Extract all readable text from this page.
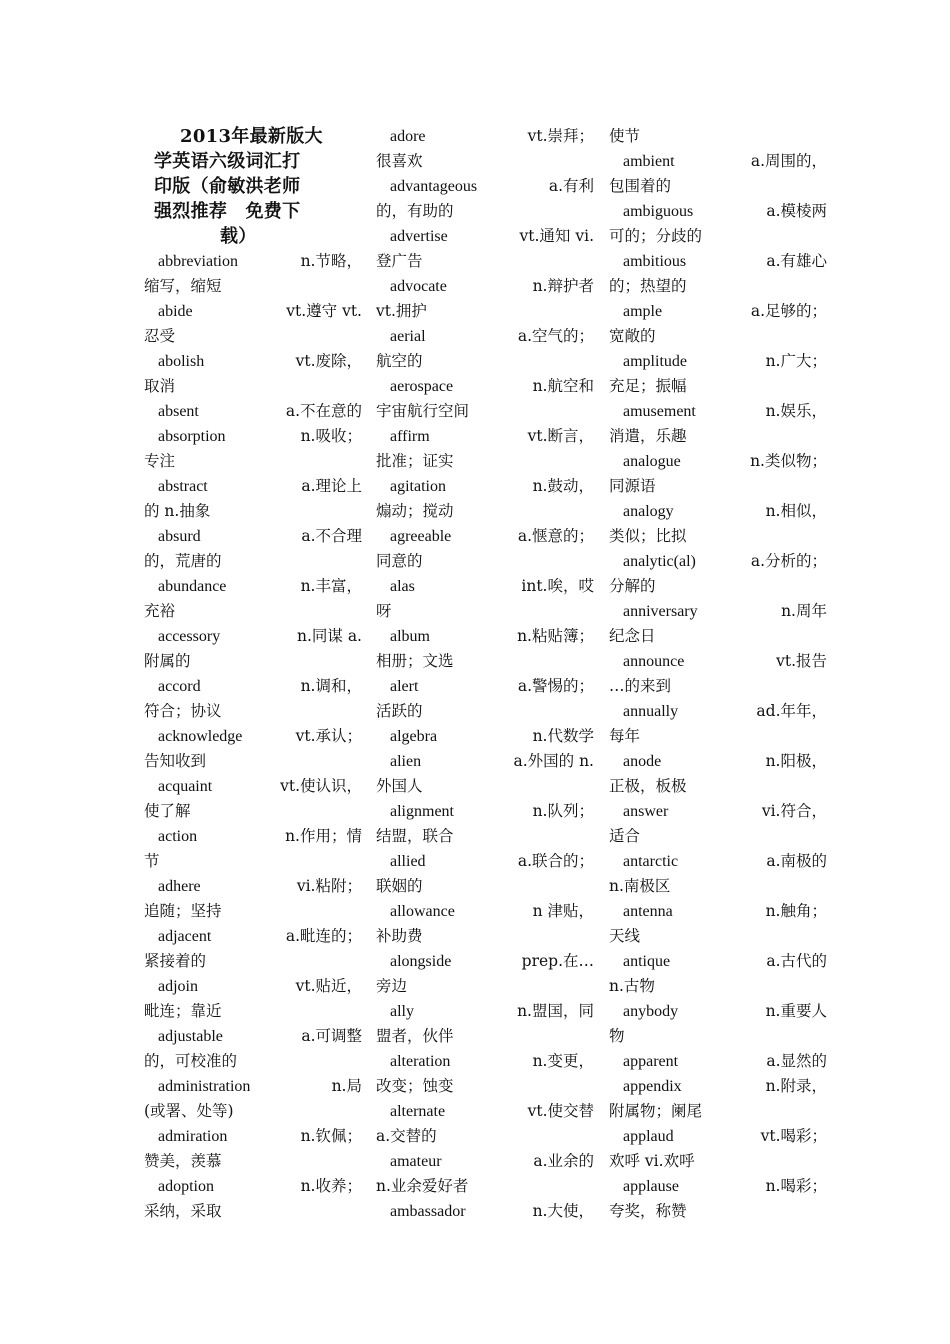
2013年最新版大
学英语六级词汇打
印版（俞敏洪老师
强烈推荐　免费下
载）
abbreviation	n.节略，
缩写，缩短
abide	vt.遵守 vt.
忍受
abolish	vt.废除，
取消
absent	a.不在意的
absorption	n.吸收；
专注
abstract	a.理论上
的 n.抽象
absurd	a.不合理
的，荒唐的
abundance	n.丰富，
充裕
accessory	n.同谋 a.
附属的
accord	n.调和，
符合；协议
acknowledge	vt.承认；
告知收到
acquaint	vt.使认识，
使了解
action	n.作用；情
节
adhere	vi.粘附；
追随；坚持
adjacent	a.毗连的；
紧接着的
adjoin	vt.贴近，
毗连；靠近
adjustable	a.可调整
的，可校准的
administration	n.局
(或署、处等)
admiration	n.钦佩；
赞美，羡慕
adoption	n.收养；
采纳，采取
adore	vt.崇拜；
很喜欢
advantageous	a.有利
的，有助的
advertise	vt.通知 vi.
登广告
advocate	n.辩护者
vt.拥护
aerial	a.空气的；
航空的
aerospace	n.航空和
宇宙航行空间
affirm	vt.断言，
批准；证实
agitation	n.鼓动，
煽动；搅动
agreeable	a.惬意的；
同意的
alas	int.唉，哎
呀
album	n.粘贴簿；
相册；文选
alert	a.警惕的；
活跃的
algebra	n.代数学
alien	a.外国的 n.
外国人
alignment	n.队列；
结盟，联合
allied	a.联合的；
联姻的
allowance	n 津贴，
补助费
alongside	prep.在…
旁边
ally	n.盟国，同
盟者，伙伴
alteration	n.变更，
改变；蚀变
alternate	vt.使交替
a.交替的
amateur	a.业余的
n.业余爱好者
ambassador	n.大使，
使节
ambient	a.周围的，
包围着的
ambiguous	a.模棱两
可的；分歧的
ambitious	a.有雄心
的；热望的
ample	a.足够的；
宽敞的
amplitude	n.广大；
充足；振幅
amusement	n.娱乐，
消遣，乐趣
analogue	n.类似物；
同源语
analogy	n.相似，
类似；比拟
analytic(al)	a.分析的；
分解的
anniversary	n.周年
纪念日
announce	vt.报告
…的来到
annually	ad.年年，
每年
anode	n.阳极，
正极，板极
answer	vi.符合，
适合
antarctic	a.南极的
n.南极区
antenna	n.触角；
天线
antique	a.古代的
n.古物
anybody	n.重要人
物
apparent	a.显然的
appendix	n.附录，
附属物；阑尾
applaud	vt.喝彩；
欢呼 vi.欢呼
applause	n.喝彩；
夸奖，称赞
